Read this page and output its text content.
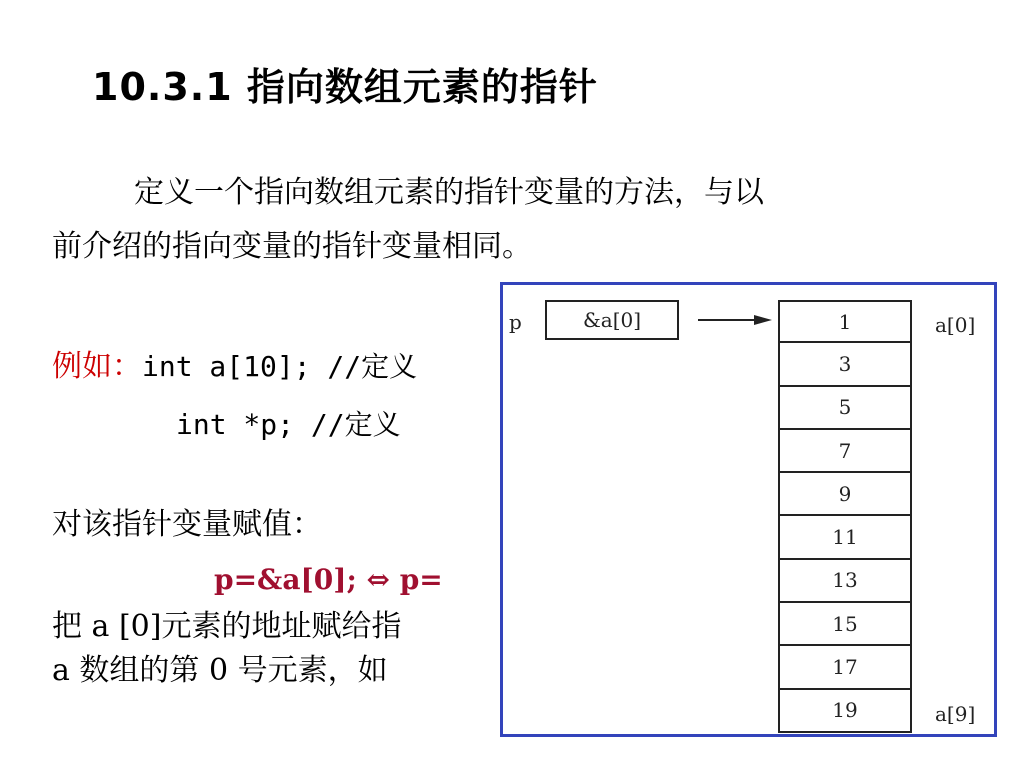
10.3.1 指向数组元素的指针
定义一个指向数组元素的指针变量的方法，与以
前介绍的指向变量的指针变量相同。
例如：int a[10]; //定义
int *p; //定义
对该指针变量赋值：
p=&a[0]; ⇔ p=
把 a [0]元素的地址赋给指
a 数组的第 0 号元素，如
p	&a[0]	1
3
5
7
9
11
13
15
17
19
a[0]
a[9]
